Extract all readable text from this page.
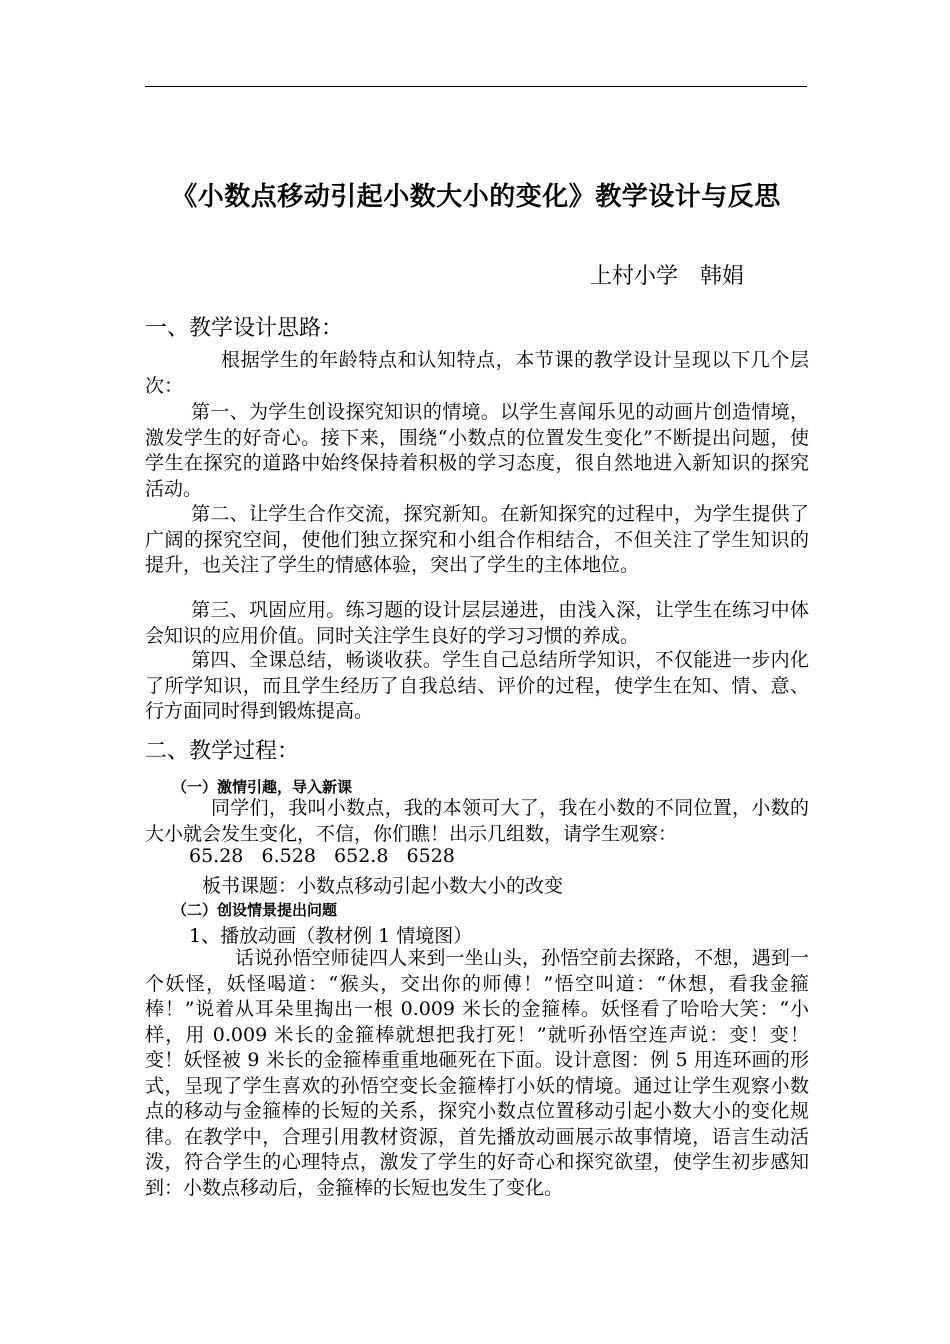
《小数点移动引起小数大小的变化》教学设计与反思
上村小学　韩娟
一、教学设计思路：
根据学生的年龄特点和认知特点，本节课的教学设计呈现以下几个层次：
第一、为学生创设探究知识的情境。以学生喜闻乐见的动画片创造情境，激发学生的好奇心。接下来，围绕“小数点的位置发生变化”不断提出问题，使学生在探究的道路中始终保持着积极的学习态度，很自然地进入新知识的探究活动。
第二、让学生合作交流，探究新知。在新知探究的过程中，为学生提供了广阔的探究空间，使他们独立探究和小组合作相结合，不但关注了学生知识的提升，也关注了学生的情感体验，突出了学生的主体地位。
第三、巩固应用。练习题的设计层层递进，由浅入深，让学生在练习中体会知识的应用价值。同时关注学生良好的学习习惯的养成。
第四、全课总结，畅谈收获。学生自己总结所学知识，不仅能进一步内化了所学知识，而且学生经历了自我总结、评价的过程，使学生在知、情、意、行方面同时得到锻炼提高。
二、教学过程：
（一）激情引趣，导入新课
同学们，我叫小数点，我的本领可大了，我在小数的不同位置，小数的大小就会发生变化，不信，你们瞧！出示几组数，请学生观察：
65.28   6.528   652.8   6528
板书课题：小数点移动引起小数大小的改变
（二）创设情景提出问题
1、播放动画（教材例 1 情境图）
话说孙悟空师徒四人来到一坐山头，孙悟空前去探路，不想，遇到一个妖怪，妖怪喝道：“猴头，交出你的师傅！”悟空叫道：“休想，看我金箍棒！”说着从耳朵里掏出一根 0.009 米长的金箍棒。妖怪看了哈哈大笑：“小样，用 0.009 米长的金箍棒就想把我打死！”就听孙悟空连声说：变！变！变！妖怪被 9 米长的金箍棒重重地砸死在下面。设计意图：例 5 用连环画的形式，呈现了学生喜欢的孙悟空变长金箍棒打小妖的情境。通过让学生观察小数点的移动与金箍棒的长短的关系，探究小数点位置移动引起小数大小的变化规律。在教学中，合理引用教材资源，首先播放动画展示故事情境，语言生动活泼，符合学生的心理特点，激发了学生的好奇心和探究欲望，使学生初步感知到：小数点移动后，金箍棒的长短也发生了变化。
